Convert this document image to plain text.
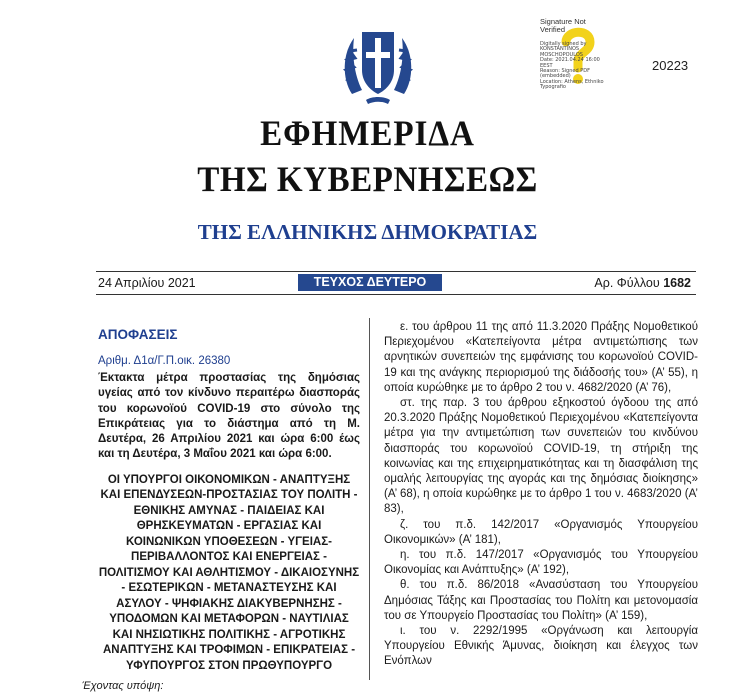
Signature Not
Verified
Digitally signed by
KONSTANTINOS
MOSCHOPOULOS
Date: 2021.04.24 16:00
EEST
Reason: Signed PDF
(embedded)
Location: Athens, Ethniko
Typografio
20223
ΕΦΗΜΕΡΙΔΑ
ΤΗΣ ΚΥΒΕΡΝΗΣΕΩΣ
ΤΗΣ ΕΛΛΗΝΙΚΗΣ ΔΗΜΟΚΡΑΤΙΑΣ
24 Απριλίου 2021	ΤΕΥΧΟΣ ΔΕΥΤΕΡΟ	Αρ. Φύλλου 1682
ΑΠΟΦΑΣΕΙΣ
Αριθμ. Δ1α/Γ.Π.οικ. 26380
Έκτακτα μέτρα προστασίας της δημόσιας υγείας από τον κίνδυνο περαιτέρω διασποράς του κορωνοϊού COVID-19 στο σύνολο της Επικράτειας για το διάστημα από τη Μ. Δευτέρα, 26 Απριλίου 2021 και ώρα 6:00 έως και τη Δευτέρα, 3 Μαΐου 2021 και ώρα 6:00.
ΟΙ ΥΠΟΥΡΓΟΙ ΟΙΚΟΝΟΜΙΚΩΝ - ΑΝΑΠΤΥΞΗΣ ΚΑΙ ΕΠΕΝΔΥΣΕΩΝ-ΠΡΟΣΤΑΣΙΑΣ ΤΟΥ ΠΟΛΙΤΗ - ΕΘΝΙΚΗΣ ΑΜΥΝΑΣ - ΠΑΙΔΕΙΑΣ ΚΑΙ ΘΡΗΣΚΕΥΜΑΤΩΝ - ΕΡΓΑΣΙΑΣ ΚΑΙ ΚΟΙΝΩΝΙΚΩΝ ΥΠΟΘΕΣΕΩΝ - ΥΓΕΙΑΣ-ΠΕΡΙΒΑΛΛΟΝΤΟΣ ΚΑΙ ΕΝΕΡΓΕΙΑΣ - ΠΟΛΙΤΙΣΜΟΥ ΚΑΙ ΑΘΛΗΤΙΣΜΟΥ - ΔΙΚΑΙΟΣΥΝΗΣ - ΕΣΩΤΕΡΙΚΩΝ - ΜΕΤΑΝΑΣΤΕΥΣΗΣ ΚΑΙ ΑΣΥΛΟΥ - ΨΗΦΙΑΚΗΣ ΔΙΑΚΥΒΕΡΝΗΣΗΣ - ΥΠΟΔΟΜΩΝ ΚΑΙ ΜΕΤΑΦΟΡΩΝ - ΝΑΥΤΙΛΙΑΣ ΚΑΙ ΝΗΣΙΩΤΙΚΗΣ ΠΟΛΙΤΙΚΗΣ - ΑΓΡΟΤΙΚΗΣ ΑΝΑΠΤΥΞΗΣ ΚΑΙ ΤΡΟΦΙΜΩΝ - ΕΠΙΚΡΑΤΕΙΑΣ - ΥΦΥΠΟΥΡΓΟΣ ΣΤΟΝ ΠΡΩΘΥΠΟΥΡΓΟ
Έχοντας υπόψη:

ε. του άρθρου 11 της από 11.3.2020 Πράξης Νομοθετικού Περιεχομένου «Κατεπείγοντα μέτρα αντιμετώπισης των αρνητικών συνεπειών της εμφάνισης του κορωνοϊού COVID-19 και της ανάγκης περιορισμού της διάδοσής του» (Α’ 55), η οποία κυρώθηκε με το άρθρο 2 του ν. 4682/2020 (Α’ 76),

στ. της παρ. 3 του άρθρου εξηκοστού όγδοου της από 20.3.2020 Πράξης Νομοθετικού Περιεχομένου «Κατεπείγοντα μέτρα για την αντιμετώπιση των συνεπειών του κινδύνου διασποράς του κορωνοϊού COVID-19, τη στήριξη της κοινωνίας και της επιχειρηματικότητας και τη διασφάλιση της ομαλής λειτουργίας της αγοράς και της δημόσιας διοίκησης» (Α’ 68), η οποία κυρώθηκε με το άρθρο 1 του ν. 4683/2020 (Α’ 83),

ζ. του π.δ. 142/2017 «Οργανισμός Υπουργείου Οικονομικών» (Α’ 181),

η. του π.δ. 147/2017 «Οργανισμός του Υπουργείου Οικονομίας και Ανάπτυξης» (Α’ 192),

θ. του π.δ. 86/2018 «Ανασύσταση του Υπουργείου Δημόσιας Τάξης και Προστασίας του Πολίτη και μετονομασία του σε Υπουργείο Προστασίας του Πολίτη» (Α’ 159),

ι. του ν. 2292/1995 «Οργάνωση και λειτουργία Υπουργείου Εθνικής Άμυνας, διοίκηση και έλεγχος των Ενόπλων
